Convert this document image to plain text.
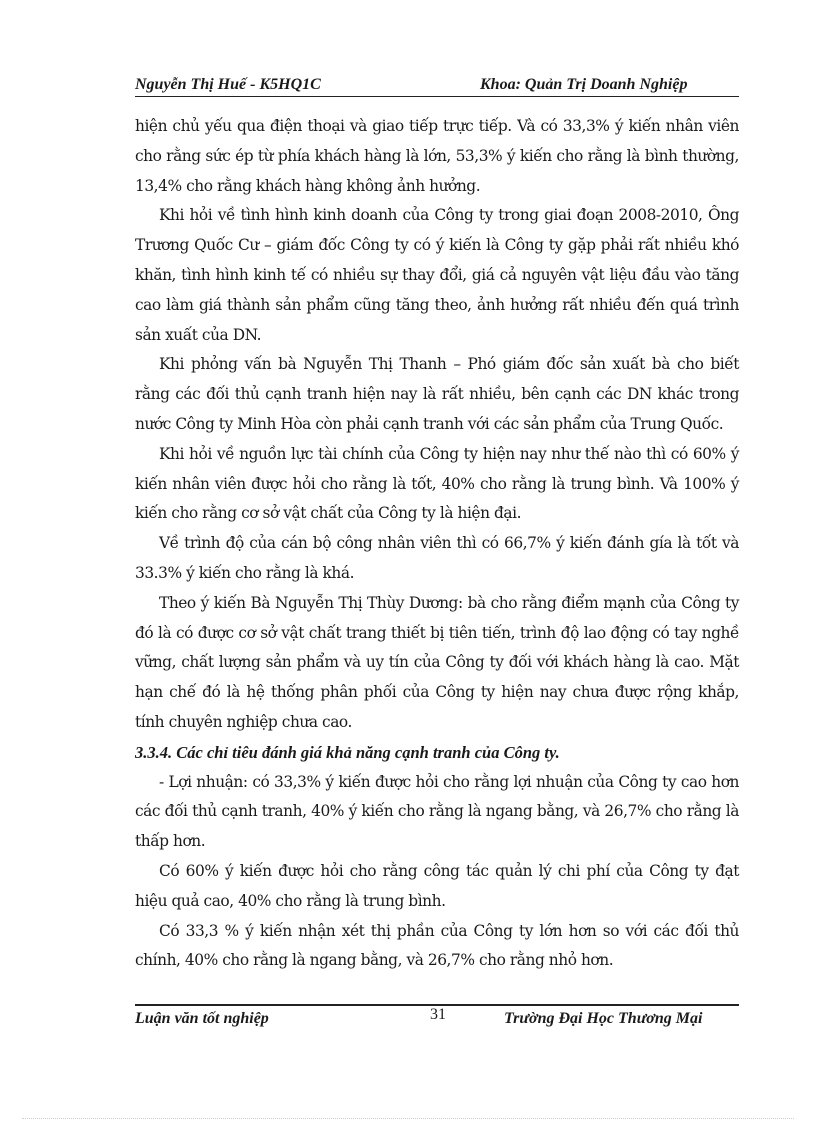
Nguyễn Thị Huế - K5HQ1C	Khoa: Quản Trị Doanh Nghiệp

hiện chủ yếu qua điện thoại và giao tiếp trực tiếp. Và có 33,3% ý kiến nhân viên cho rằng sức ép từ phía khách hàng là lớn, 53,3% ý kiến cho rằng là bình thường, 13,4% cho rằng khách hàng không ảnh hưởng.

Khi hỏi về tình hình kinh doanh của Công ty trong giai đoạn 2008-2010, Ông Trương Quốc Cư – giám đốc Công ty có ý kiến là Công ty gặp phải rất nhiều khó khăn, tình hình kinh tế có nhiều sự thay đổi, giá cả nguyên vật liệu đầu vào tăng cao làm giá thành sản phẩm cũng tăng theo, ảnh hưởng rất nhiều đến quá trình sản xuất của DN.

Khi phỏng vấn bà Nguyễn Thị Thanh – Phó giám đốc sản xuất bà cho biết rằng các đối thủ cạnh tranh hiện nay là rất nhiều, bên cạnh các DN khác trong nước Công ty Minh Hòa còn phải cạnh tranh với các sản phẩm của Trung Quốc.

Khi hỏi về nguồn lực tài chính của Công ty hiện nay như thế nào thì có 60% ý kiến nhân viên được hỏi cho rằng là tốt, 40% cho rằng là trung bình. Và 100% ý kiến cho rằng cơ sở vật chất của Công ty là hiện đại.

Về trình độ của cán bộ công nhân viên thì có 66,7% ý kiến đánh gía là tốt và 33.3% ý kiến cho rằng là khá.

Theo ý kiến Bà Nguyễn Thị Thùy Dương: bà cho rằng điểm mạnh của Công ty đó là có được cơ sở vật chất trang thiết bị tiên tiến, trình độ lao động có tay nghề vững, chất lượng sản phẩm và uy tín của Công ty đối với khách hàng là cao. Mặt hạn chế đó là hệ thống phân phối của Công ty hiện nay chưa được rộng khắp, tính chuyên nghiệp chưa cao.

3.3.4. Các chỉ tiêu đánh giá khả năng cạnh tranh của Công ty.

- Lợi nhuận: có 33,3% ý kiến được hỏi cho rằng lợi nhuận của Công ty cao hơn các đối thủ cạnh tranh, 40% ý kiến cho rằng là ngang bằng, và 26,7% cho rằng là thấp hơn.

Có 60% ý kiến được hỏi cho rằng công tác quản lý chi phí của Công ty đạt hiệu quả cao, 40% cho rằng là trung bình.

Có 33,3 % ý kiến nhận xét thị phần của Công ty lớn hơn so với các đối thủ chính, 40% cho rằng là ngang bằng, và 26,7% cho rằng nhỏ hơn.

Luận văn tốt nghiệp	31	Trường Đại Học Thương Mại
